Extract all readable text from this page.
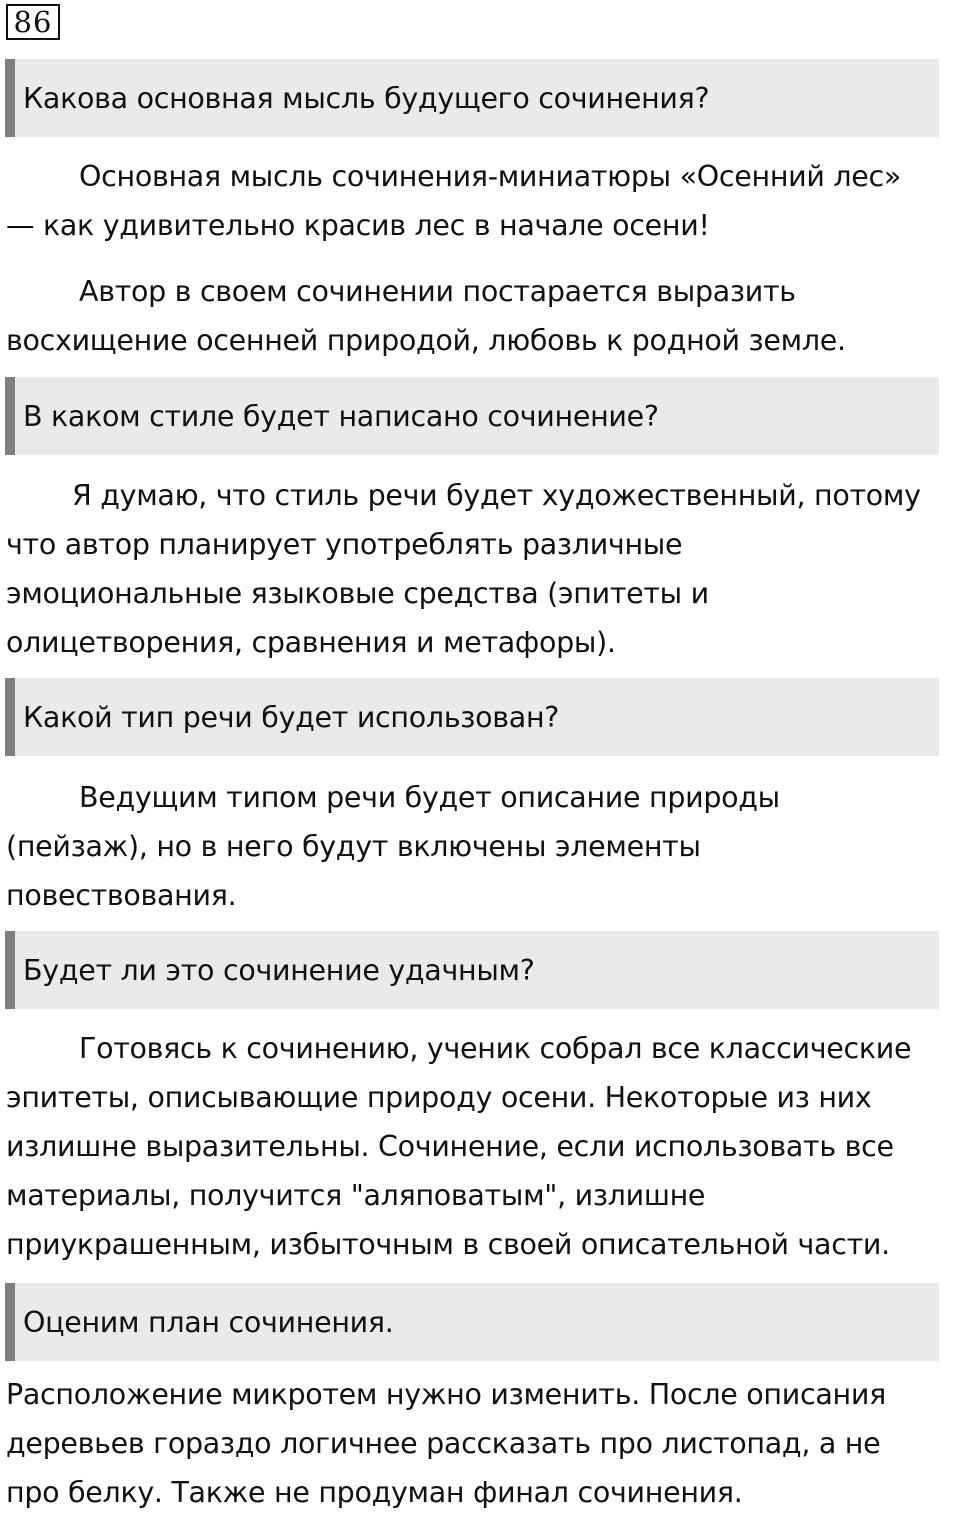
86
Какова основная мысль будущего сочинения?

Основная мысль сочинения-миниатюры «Осенний лес»
— как удивительно красив лес в начале осени!

Автор в своем сочинении постарается выразить
восхищение осенней природой, любовь к родной земле.

В каком стиле будет написано сочинение?

Я думаю, что стиль речи будет художественный, потому
что автор планирует употреблять различные
эмоциональные языковые средства (эпитеты и
олицетворения, сравнения и метафоры).

Какой тип речи будет использован?

Ведущим типом речи будет описание природы
(пейзаж), но в него будут включены элементы
повествования.

Будет ли это сочинение удачным?

Готовясь к сочинению, ученик собрал все классические
эпитеты, описывающие природу осени. Некоторые из них
излишне выразительны. Сочинение, если использовать все
материалы, получится "аляповатым", излишне
приукрашенным, избыточным в своей описательной части.

Оценим план сочинения.

Расположение микротем нужно изменить. После описания
деревьев гораздо логичнее рассказать про листопад, а не
про белку. Также не продуман финал сочинения.
